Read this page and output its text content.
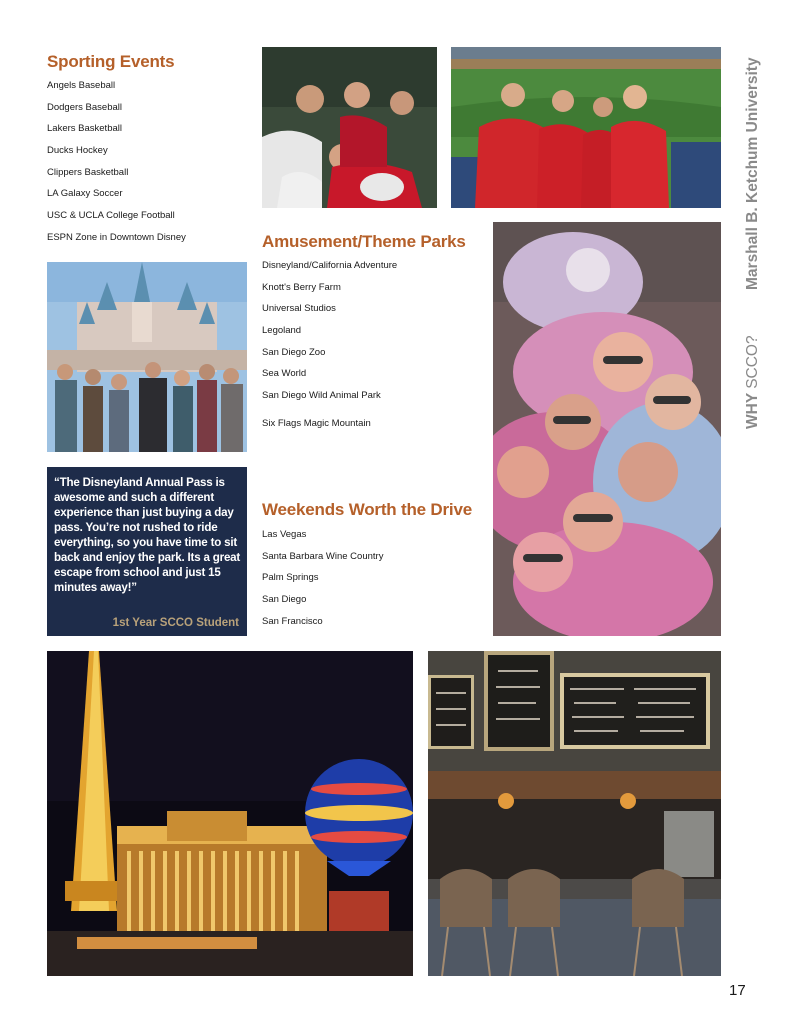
Sporting Events
Angels Baseball
Dodgers Baseball
Lakers Basketball
Ducks Hockey
Clippers Basketball
LA Galaxy Soccer
USC & UCLA College Football
ESPN Zone in Downtown Disney	Amusement/Theme Parks
Disneyland/California Adventure
Knott's Berry Farm
Universal Studios
Legoland
San Diego Zoo
Sea World
San Diego Wild Animal Park
Six Flags Magic Mountain

“The Disneyland Annual Pass is awesome and such a different experience than just buying a day pass. You’re not rushed to ride everything, so you have time to sit back and enjoy the park. Its a great escape from school and just 15 minutes away!”

1st Year SCCO Student
Weekends Worth the Drive
Las Vegas
Santa Barbara Wine Country
Palm Springs
San Diego
San Francisco
Marshall B. Ketchum University
WHY SCCO?
17
